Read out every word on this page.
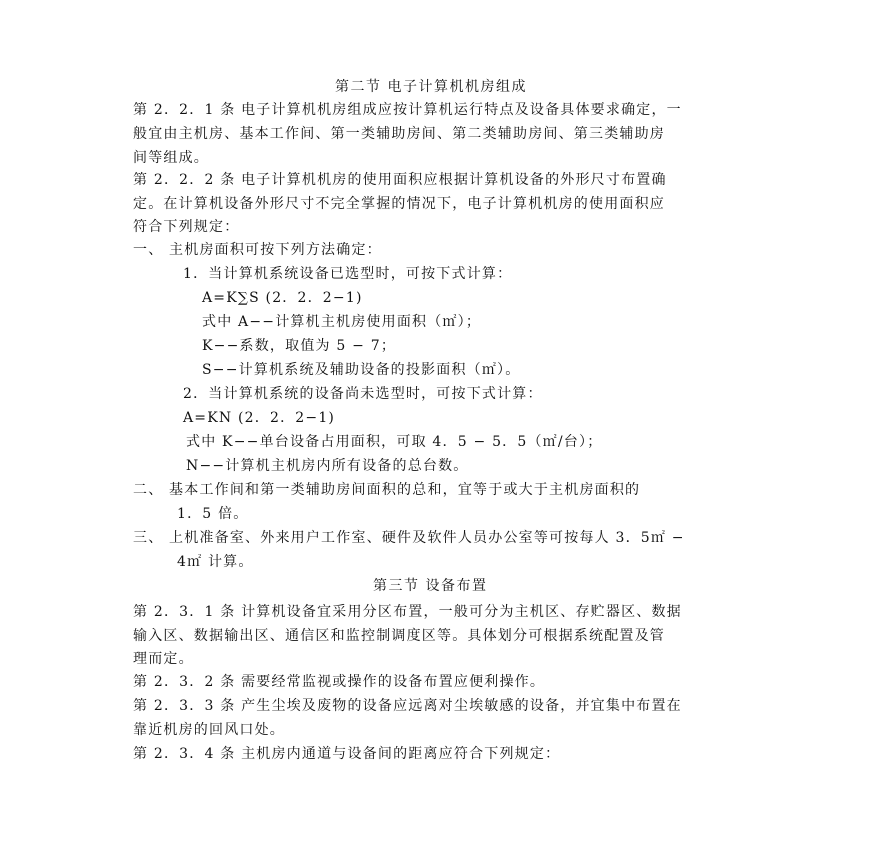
第二节 电子计算机机房组成
第 2．2．1 条 电子计算机机房组成应按计算机运行特点及设备具体要求确定，一
般宜由主机房、基本工作间、第一类辅助房间、第二类辅助房间、第三类辅助房
间等组成。
第 2．2．2 条 电子计算机机房的使用面积应根据计算机设备的外形尺寸布置确
定。在计算机设备外形尺寸不完全掌握的情况下，电子计算机机房的使用面积应
符合下列规定：
一、 主机房面积可按下列方法确定：
1．当计算机系统设备已选型时，可按下式计算：
A=K∑S (2．2．2−1)
式中 A−−计算机主机房使用面积（㎡）；
K−−系数，取值为 5 − 7；
S−−计算机系统及辅助设备的投影面积（㎡）。
2．当计算机系统的设备尚未选型时，可按下式计算：
A=KN (2．2．2−1)
式中 K−−单台设备占用面积，可取 4．5 − 5．5（㎡/台）；
N−−计算机主机房内所有设备的总台数。
二、 基本工作间和第一类辅助房间面积的总和，宜等于或大于主机房面积的
1．5 倍。
三、 上机准备室、外来用户工作室、硬件及软件人员办公室等可按每人 3．5㎡ −
4㎡ 计算。
第三节 设备布置
第 2．3．1 条 计算机设备宜采用分区布置，一般可分为主机区、存贮器区、数据
输入区、数据输出区、通信区和监控制调度区等。具体划分可根据系统配置及管
理而定。
第 2．3．2 条 需要经常监视或操作的设备布置应便利操作。
第 2．3．3 条 产生尘埃及废物的设备应远离对尘埃敏感的设备，并宜集中布置在
靠近机房的回风口处。
第 2．3．4 条 主机房内通道与设备间的距离应符合下列规定：
